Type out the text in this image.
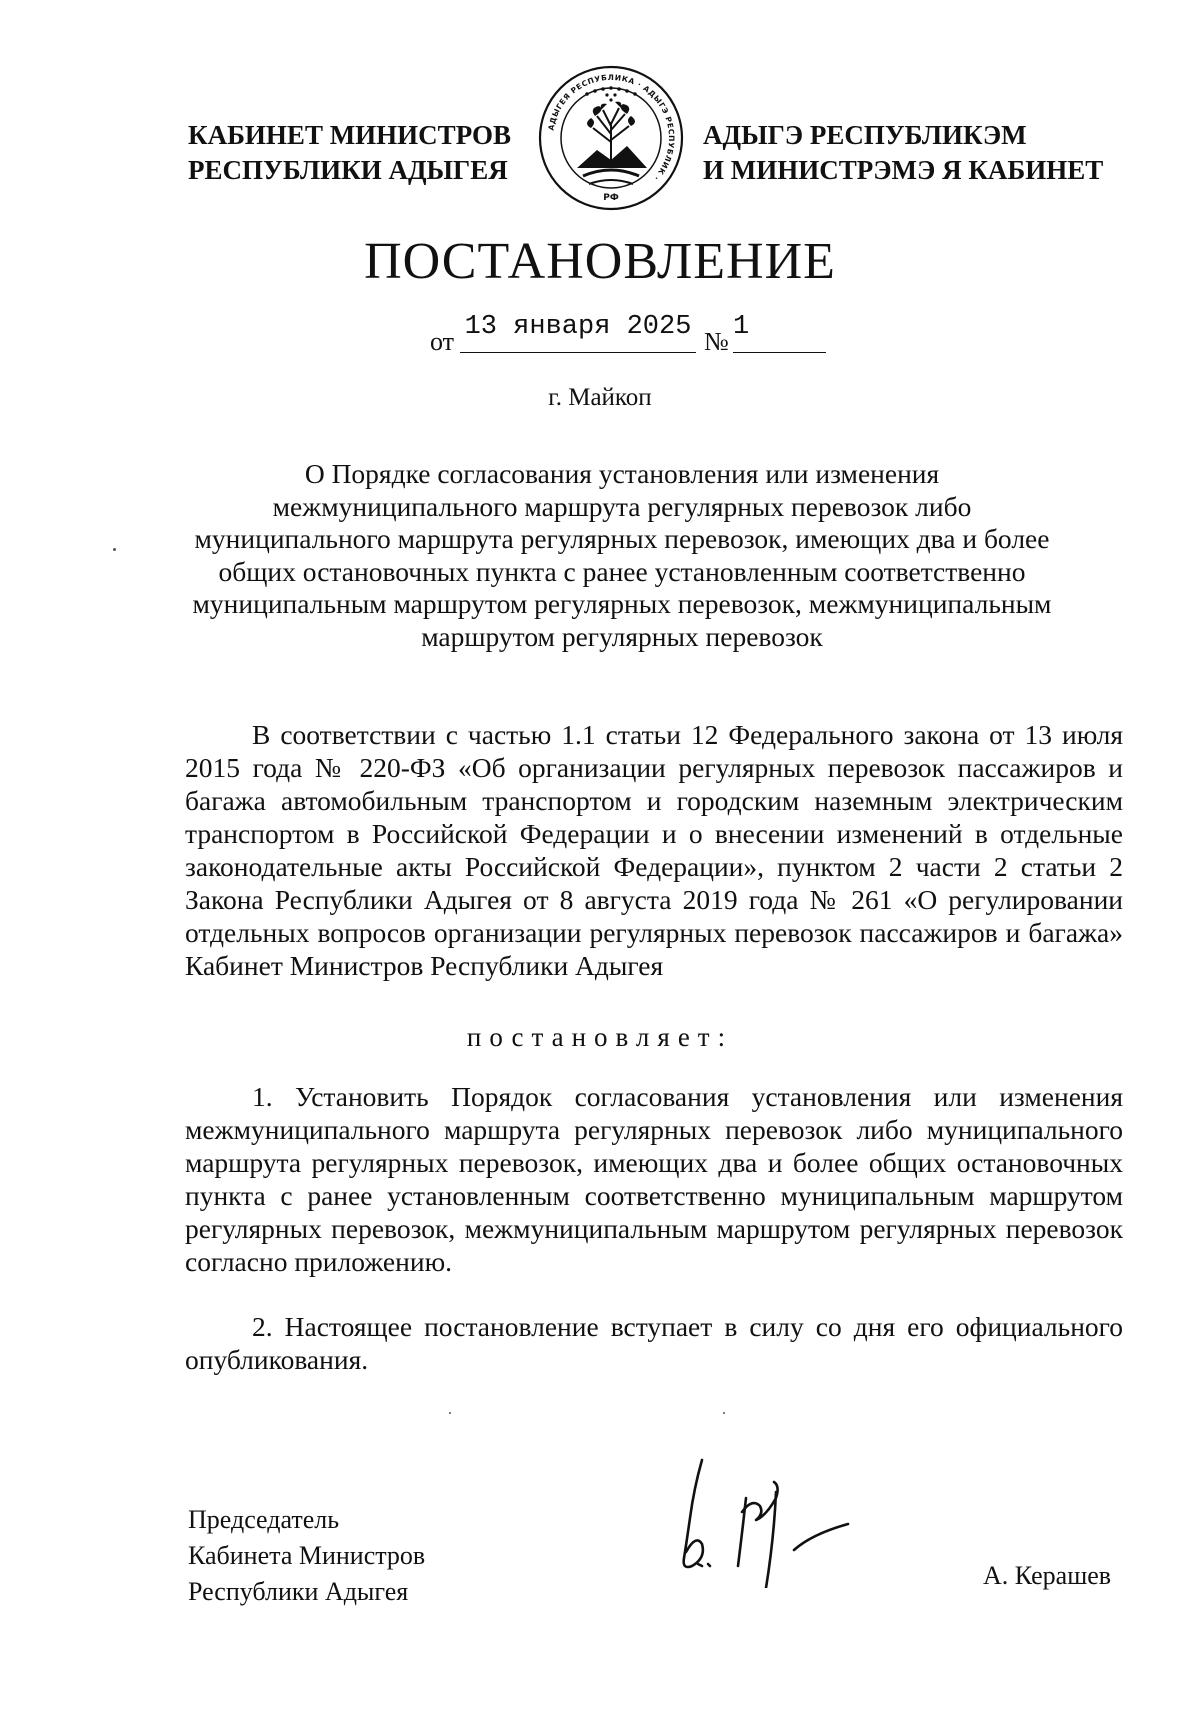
КАБИНЕТ МИНИСТРОВ
РЕСПУБЛИКИ АДЫГЕЯ
АДЫГЕЯ РЕСПУБЛИКА · АДЫГЭ РЕСПУБЛИК ·
РФ
АДЫГЭ РЕСПУБЛИКЭМ
И МИНИСТРЭМЭ Я КАБИНЕТ
ПОСТАНОВЛЕНИЕ
от 13 января 2025 № 1
г. Майкоп

О Порядке согласования установления или изменения межмуниципального маршрута регулярных перевозок либо муниципального маршрута регулярных перевозок, имеющих два и более общих остановочных пункта с ранее установленным соответственно муниципальным маршрутом регулярных перевозок, межмуниципальным маршрутом регулярных перевозок

В соответствии с частью 1.1 статьи 12 Федерального закона от 13 июля 2015 года № 220-ФЗ «Об организации регулярных перевозок пассажиров и багажа автомобильным транспортом и городским наземным электрическим транспортом в Российской Федерации и о внесении изменений в отдельные законодательные акты Российской Федерации», пунктом 2 части 2 статьи 2 Закона Республики Адыгея от 8 августа 2019 года № 261 «О регулировании отдельных вопросов организации регулярных перевозок пассажиров и багажа» Кабинет Министров Республики Адыгея

постановляет:

1. Установить Порядок согласования установления или изменения межмуниципального маршрута регулярных перевозок либо муниципального маршрута регулярных перевозок, имеющих два и более общих остановочных пункта с ранее установленным соответственно муниципальным маршрутом регулярных перевозок, межмуниципальным маршрутом регулярных перевозок согласно приложению.

2. Настоящее постановление вступает в силу со дня его официального опубликования.

Председатель
Кабинета Министров
Республики Адыгея
А. Керашев
